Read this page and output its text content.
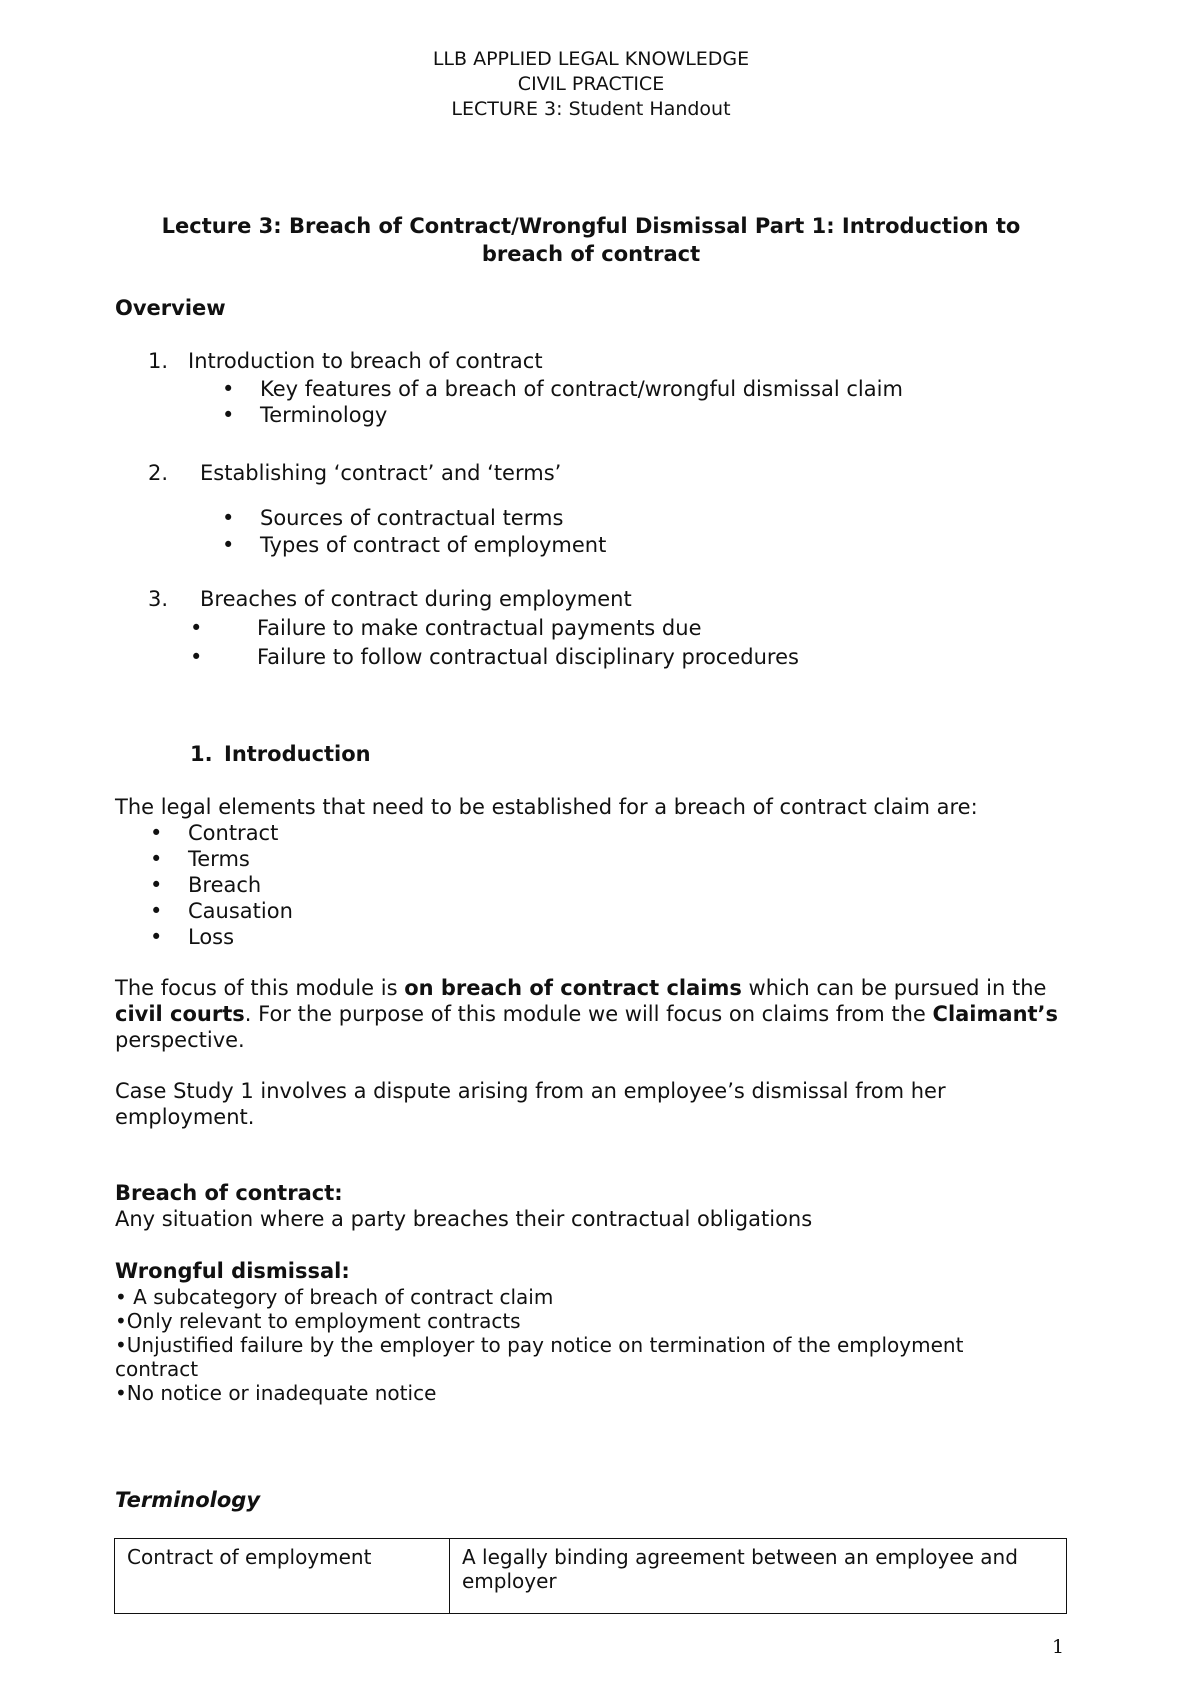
LLB APPLIED LEGAL KNOWLEDGE
CIVIL PRACTICE
LECTURE 3: Student Handout
Lecture 3: Breach of Contract/Wrongful Dismissal Part 1: Introduction to
breach of contract
Overview
1. Introduction to breach of contract
• Key features of a breach of contract/wrongful dismissal claim
• Terminology
2. Establishing ‘contract’ and ‘terms’
• Sources of contractual terms
• Types of contract of employment
3. Breaches of contract during employment
•	Failure to make contractual payments due
•	Failure to follow contractual disciplinary procedures
1. Introduction
The legal elements that need to be established for a breach of contract claim are:
• Contract
• Terms
• Breach
• Causation
• Loss
The focus of this module is on breach of contract claims which can be pursued in the civil courts. For the purpose of this module we will focus on claims from the Claimant’s perspective.
Case Study 1 involves a dispute arising from an employee’s dismissal from her employment.
Breach of contract:
Any situation where a party breaches their contractual obligations
Wrongful dismissal:
• A subcategory of breach of contract claim
•Only relevant to employment contracts
•Unjustified failure by the employer to pay notice on termination of the employment contract
•No notice or inadequate notice
Terminology
Contract of employment	A legally binding agreement between an employee and employer
1
